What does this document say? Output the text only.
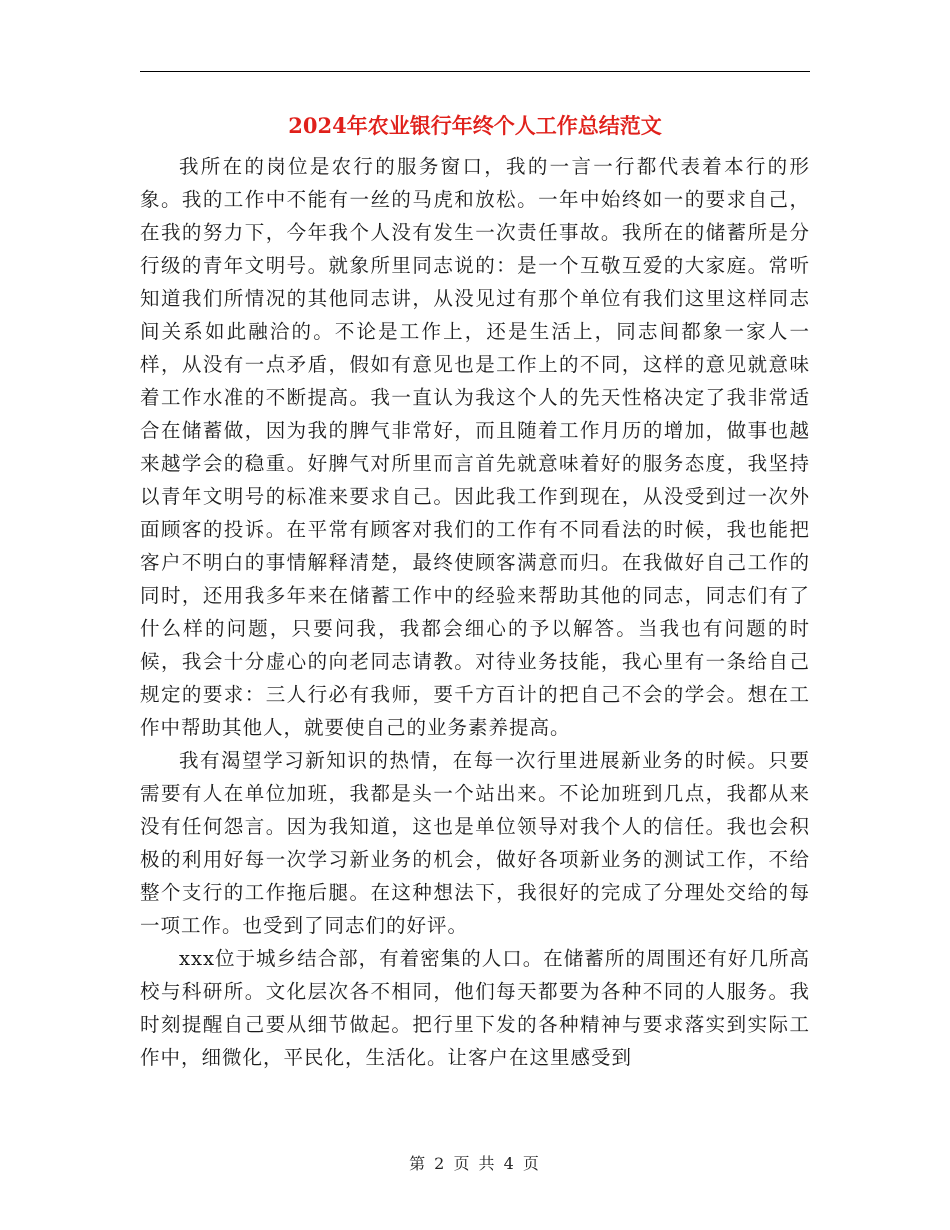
2024年农业银行年终个人工作总结范文

我所在的岗位是农行的服务窗口，我的一言一行都代表着本行的形象。我的工作中不能有一丝的马虎和放松。一年中始终如一的要求自己，在我的努力下，今年我个人没有发生一次责任事故。我所在的储蓄所是分行级的青年文明号。就象所里同志说的：是一个互敬互爱的大家庭。常听知道我们所情况的其他同志讲，从没见过有那个单位有我们这里这样同志间关系如此融洽的。不论是工作上，还是生活上，同志间都象一家人一样，从没有一点矛盾，假如有意见也是工作上的不同，这样的意见就意味着工作水准的不断提高。我一直认为我这个人的先天性格决定了我非常适合在储蓄做，因为我的脾气非常好，而且随着工作月历的增加，做事也越来越学会的稳重。好脾气对所里而言首先就意味着好的服务态度，我坚持以青年文明号的标准来要求自己。因此我工作到现在，从没受到过一次外面顾客的投诉。在平常有顾客对我们的工作有不同看法的时候，我也能把客户不明白的事情解释清楚，最终使顾客满意而归。在我做好自己工作的同时，还用我多年来在储蓄工作中的经验来帮助其他的同志，同志们有了什么样的问题，只要问我，我都会细心的予以解答。当我也有问题的时候，我会十分虚心的向老同志请教。对待业务技能，我心里有一条给自己规定的要求：三人行必有我师，要千方百计的把自己不会的学会。想在工作中帮助其他人，就要使自己的业务素养提高。

我有渴望学习新知识的热情，在每一次行里进展新业务的时候。只要需要有人在单位加班，我都是头一个站出来。不论加班到几点，我都从来没有任何怨言。因为我知道，这也是单位领导对我个人的信任。我也会积极的利用好每一次学习新业务的机会，做好各项新业务的测试工作，不给整个支行的工作拖后腿。在这种想法下，我很好的完成了分理处交给的每一项工作。也受到了同志们的好评。

xxx位于城乡结合部，有着密集的人口。在储蓄所的周围还有好几所高校与科研所。文化层次各不相同，他们每天都要为各种不同的人服务。我时刻提醒自己要从细节做起。把行里下发的各种精神与要求落实到实际工作中，细微化，平民化，生活化。让客户在这里感受到

第 2 页 共 4 页
